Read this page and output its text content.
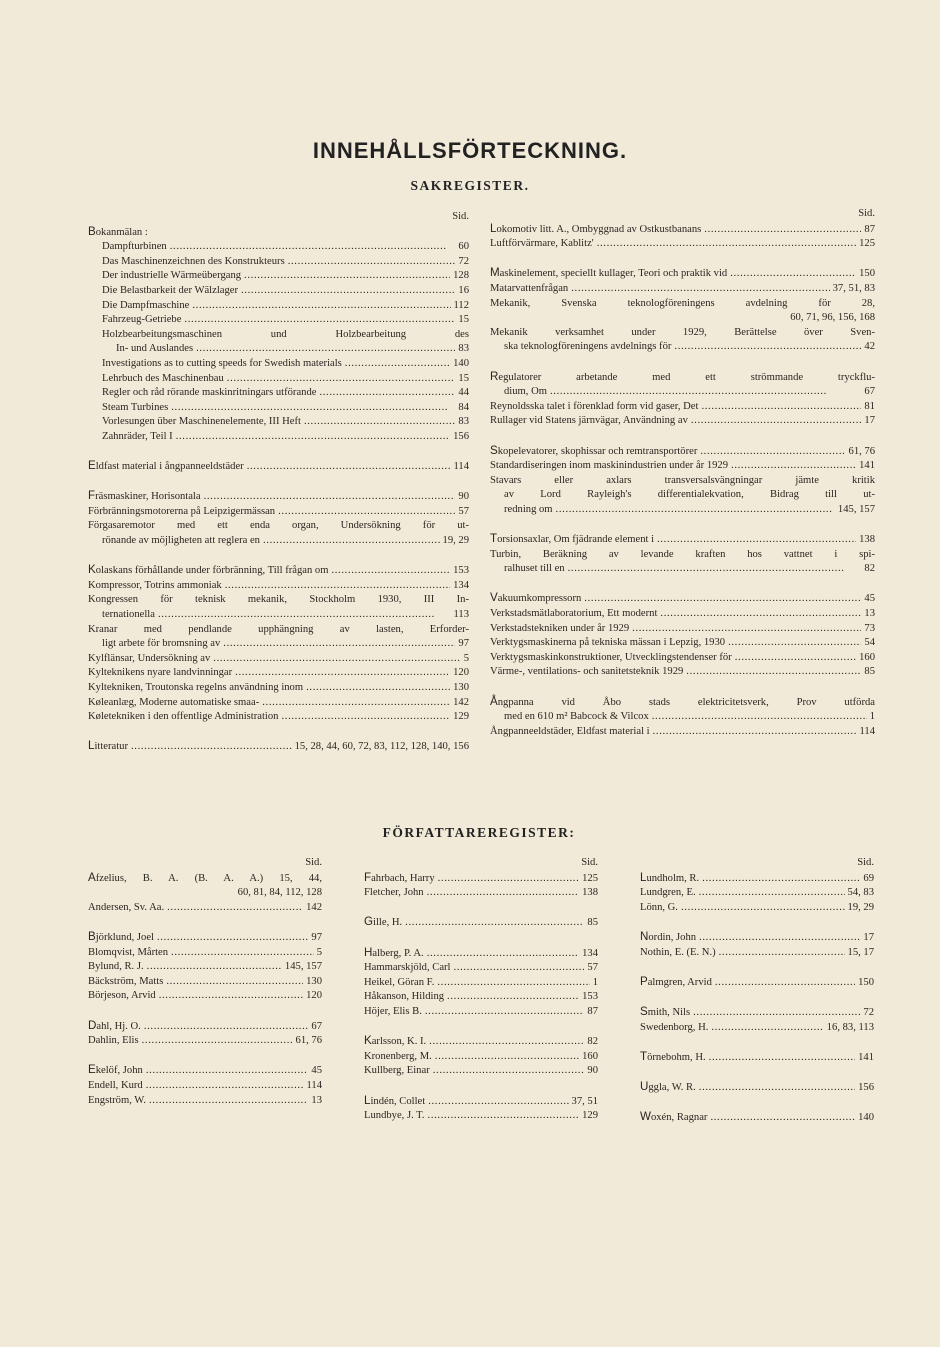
INNEHÅLLSFÖRTECKNING.
SAKREGISTER.
Sid.
Bokanmälan :
Dampfturbinen . . .	60
Das Maschinenzeichnen des Konstrukteurs . . .	72
Der industrielle Wärmeübergang . . .	128
Die Belastbarkeit der Wälzlager . . .	16
Die Dampfmaschine . . .	112
Fahrzeug-Getriebe . . .	15
Holzbearbeitungsmaschinen und Holzbearbeitung des
In- und Auslandes . . .	83
Investigations as to cutting speeds for Swedish materials . . .	140
Lehrbuch des Maschinenbau . . .	15
Regler och råd rörande maskinritningars utförande . . .	44
Steam Turbines . . .	84
Vorlesungen über Maschinenelemente, III Heft . . .	83
Zahnräder, Teil I . . .	156
Eldfast material i ångpanneeldstäder . . .	114
Fräsmaskiner, Horisontala . . .	90
Förbränningsmotorerna på Leipzigermässan . . .	57
Förgasaremotor med ett enda organ, Undersökning för ut-
rönande av möjligheten att reglera en . . .	19, 29
Kolaskans förhållande under förbränning, Till frågan om . . .	153
Kompressor, Totrins ammoniak . . .	134
Kongressen för teknisk mekanik, Stockholm 1930, III In-
ternationella . . .	113
Kranar med pendlande upphängning av lasten, Erforder-
ligt arbete för bromsning av . . .	97
Kylflänsar, Undersökning av . . .	5
Kylteknikens nyare landvinningar . . .	120
Kyltekniken, Troutonska regelns användning inom . . .	130
Køleanlæg, Moderne automatiske smaa- . . .	142
Køletekniken i den offentlige Administration . . .	129
Litteratur . . .	15, 28, 44, 60, 72, 83, 112, 128, 140, 156
Sid.
Lokomotiv litt. A., Ombyggnad av Ostkustbanans . . .	87
Luftförvärmare, Kablitz' . . .	125
Maskinelement, speciellt kullager, Teori och praktik vid . . .	150
Matarvattenfrågan . . .	37, 51, 83
Mekanik, Svenska teknologföreningens avdelning för 28,
60, 71, 96, 156, 168
Mekanik verksamhet under 1929, Berättelse över Sven-
ska teknologföreningens avdelnings för . . .	42
Regulatorer arbetande med ett strömmande tryckflu-
dium, Om . . .	67
Reynoldsska talet i förenklad form vid gaser, Det . . .	81
Rullager vid Statens järnvägar, Användning av . . .	17
Skopelevatorer, skophissar och remtransportörer . . .	61, 76
Standardiseringen inom maskinindustrien under år 1929 . . .	141
Stavars eller axlars transversalsvängningar jämte kritik
av Lord Rayleigh's differentialekvation, Bidrag till ut-
redning om . . .	145, 157
Torsionsaxlar, Om fjädrande element i . . .	138
Turbin, Beräkning av levande kraften hos vattnet i spi-
ralhuset till en . . .	82
Vakuumkompressorn . . .	45
Verkstadsmätlaboratorium, Ett modernt . . .	13
Verkstadstekniken under år 1929 . . .	73
Verktygsmaskinerna på tekniska mässan i Lepzig, 1930 . . .	54
Verktygsmaskinkonstruktioner, Utvecklingstendenser för . . .	160
Värme-, ventilations- och sanitetsteknik 1929 . . .	85
Ångpanna vid Åbo stads elektricitetsverk, Prov utförda
med en 610 m² Babcock & Vilcox . . .	1
Ångpanneeldstäder, Eldfast material i . . .	114
FÖRFATTAREREGISTER:
Sid.
Afzelius, B. A. (B. A. A.) 15, 44,
60, 81, 84, 112, 128
Andersen, Sv. Aa. . . .	142
Björklund, Joel . . .	97
Blomqvist, Mårten . . .	5
Bylund, R. J. . . .	145, 157
Bäckström, Matts . . .	130
Börjeson, Arvid . . .	120
Dahl, Hj. O. . . .	67
Dahlin, Elis . . .	61, 76
Ekelöf, John . . .	45
Endell, Kurd . . .	114
Engström, W. . . .	13
Sid.
Fahrbach, Harry . . .	125
Fletcher, John . . .	138
Gille, H. . . .	85
Halberg, P. A. . . .	134
Hammarskjöld, Carl . . .	57
Heikel, Göran F. . . .	1
Håkanson, Hilding . . .	153
Höjer, Elis B. . . .	87
Karlsson, K. I. . . .	82
Kronenberg, M. . . .	160
Kullberg, Einar . . .	90
Lindén, Collet . . .	37, 51
Lundbye, J. T. . . .	129
Sid.
Lundholm, R. . . .	69
Lundgren, E. . . .	54, 83
Lönn, G. . . .	19, 29
Nordin, John . . .	17
Nothin, E. (E. N.) . . .	15, 17
Palmgren, Arvid . . .	150
Smith, Nils . . .	72
Swedenborg, H. . . .	16, 83, 113
Törnebohm, H. . . .	141
Uggla, W. R. . . .	156
Woxén, Ragnar . . .	140
